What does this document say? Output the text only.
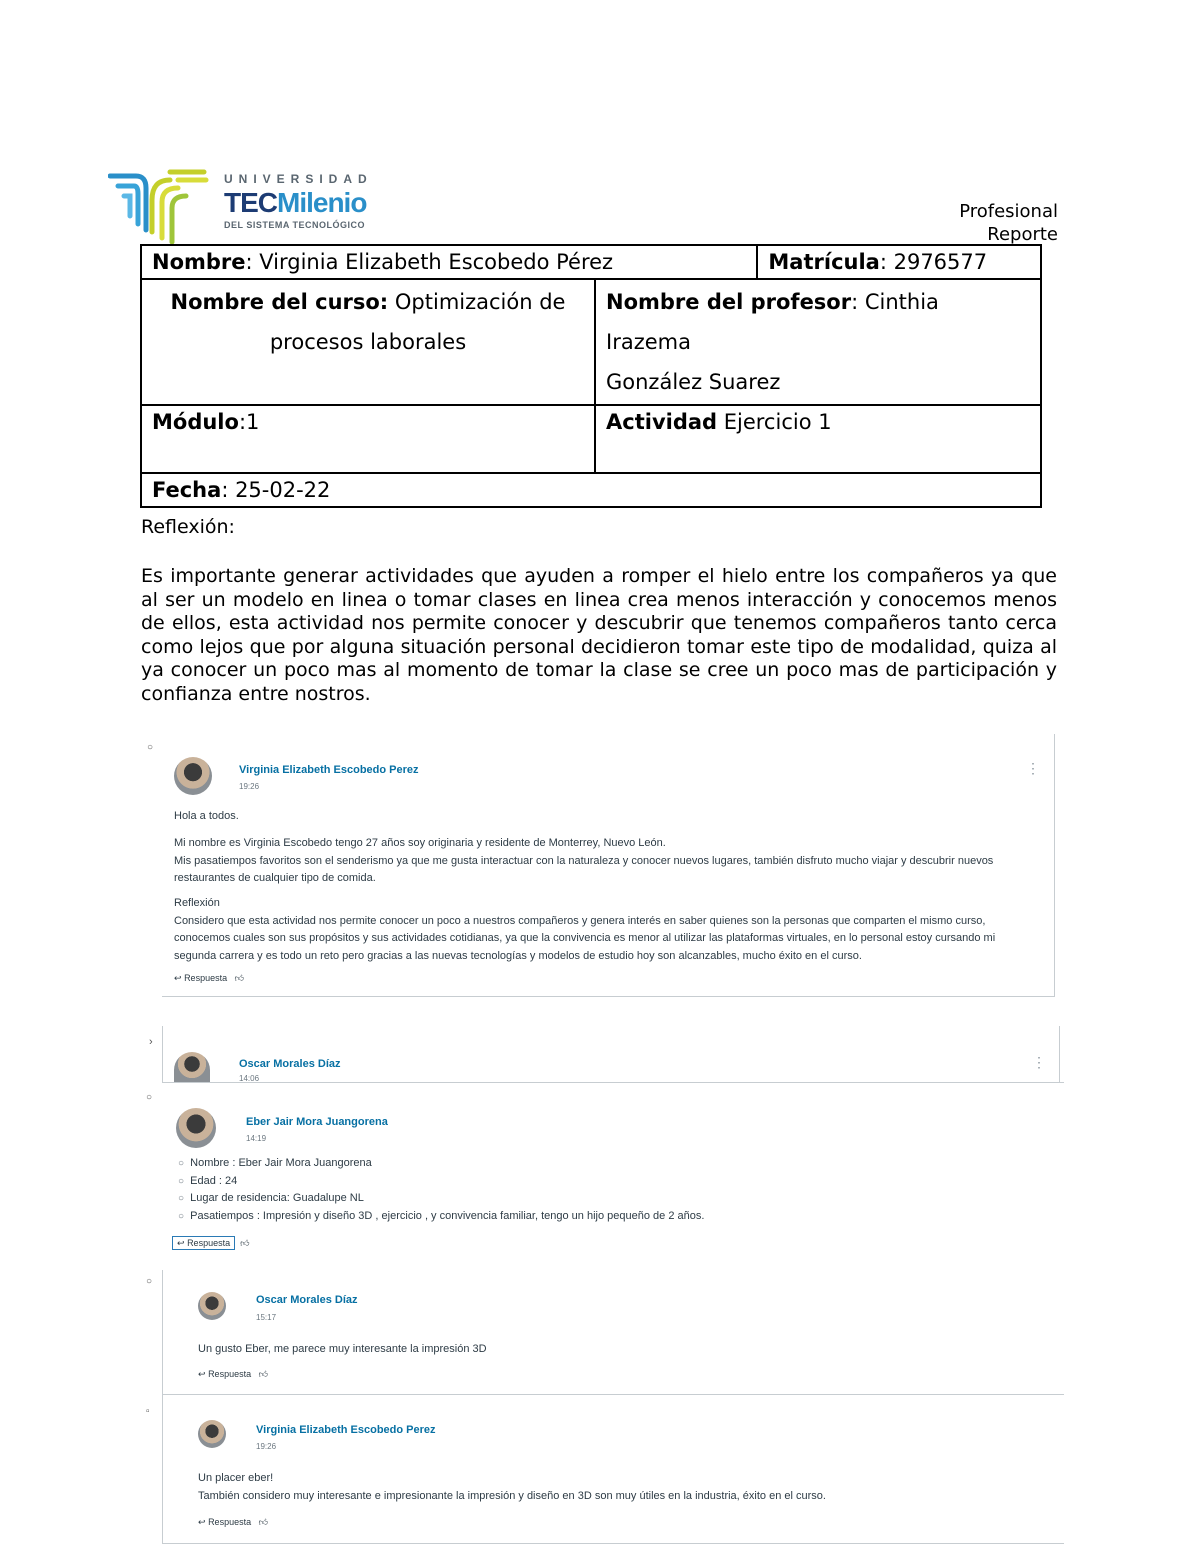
UNIVERSIDAD
TECMilenio
DEL SISTEMA TECNOLÓGICO
Profesional
Reporte
Nombre: Virginia Elizabeth Escobedo Pérez		Matrícula: 2976577
Nombre del curso: Optimización de
procesos laborales	Nombre del profesor: Cinthia Irazema
González Suarez	
Módulo:1	Actividad Ejercicio 1	
Fecha: 25-02-22		
Reflexión:
Es importante generar actividades que ayuden a romper el hielo entre los compañeros ya que al ser un modelo en linea o tomar clases en linea crea menos interacción y conocemos menos de ellos, esta actividad nos permite conocer y descubrir que tenemos compañeros tanto cerca como lejos que por alguna situación personal decidieron tomar este tipo de modalidad, quiza al ya conocer un poco mas al momento de tomar la clase se cree un poco mas de participación y confianza entre nostros.
○
Virginia Elizabeth Escobedo Perez
19:26
⋮
Hola a todos.
Mi nombre es Virginia Escobedo tengo 27 años soy originaria y residente de Monterrey, Nuevo León.
Mis pasatiempos favoritos son el senderismo ya que me gusta interactuar con la naturaleza y conocer nuevos lugares, también disfruto mucho viajar y descubrir nuevos
restaurantes de cualquier tipo de comida.
Reflexión
Considero que esta actividad nos permite conocer un poco a nuestros compañeros y genera interés en saber quienes son la personas que comparten el mismo curso,
conocemos cuales son sus propósitos y sus actividades cotidianas, ya que la convivencia es menor al utilizar las plataformas virtuales, en lo personal estoy cursando mi
segunda carrera y es todo un reto pero gracias a las nuevas tecnologías y modelos de estudio hoy son alcanzables, mucho éxito en el curso.
↩ Respuesta 👍︎
›
Oscar Morales Díaz
14:06
⋮
○
Eber Jair Mora Juangorena
14:19
○ Nombre : Eber Jair Mora Juangorena
○ Edad : 24
○ Lugar de residencia: Guadalupe NL
○ Pasatiempos : Impresión y diseño 3D , ejercicio , y convivencia familiar, tengo un hijo pequeño de 2 años.
↩ Respuesta 👍︎
○
Oscar Morales Díaz
15:17
Un gusto Eber, me parece muy interesante la impresión 3D
↩ Respuesta 👍︎
▫
Virginia Elizabeth Escobedo Perez
19:26
Un placer eber!
También considero muy interesante e impresionante la impresión y diseño en 3D son muy útiles en la industria, éxito en el curso.
↩ Respuesta 👍︎
